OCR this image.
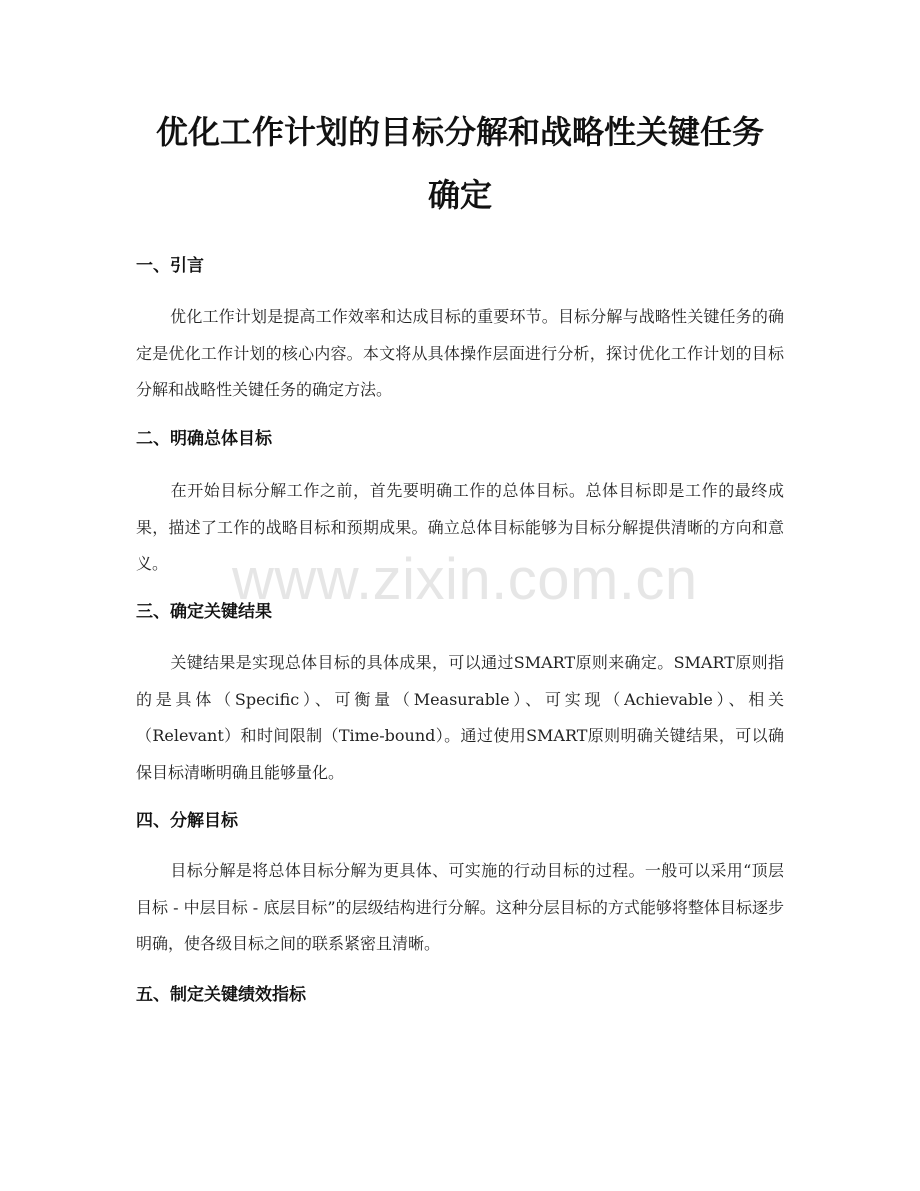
优化工作计划的目标分解和战略性关键任务
确定
一、引言

优化工作计划是提高工作效率和达成目标的重要环节。目标分解与战略性关键任务的确定是优化工作计划的核心内容。本文将从具体操作层面进行分析，探讨优化工作计划的目标分解和战略性关键任务的确定方法。

二、明确总体目标

在开始目标分解工作之前，首先要明确工作的总体目标。总体目标即是工作的最终成果，描述了工作的战略目标和预期成果。确立总体目标能够为目标分解提供清晰的方向和意义。

三、确定关键结果

关键结果是实现总体目标的具体成果，可以通过SMART原则来确定。SMART原则指的是具体（Specific）、可衡量（Measurable）、可实现（Achievable）、相关（Relevant）和时间限制（Time-bound）。通过使用SMART原则明确关键结果，可以确保目标清晰明确且能够量化。

四、分解目标

目标分解是将总体目标分解为更具体、可实施的行动目标的过程。一般可以采用“顶层目标 - 中层目标 - 底层目标”的层级结构进行分解。这种分层目标的方式能够将整体目标逐步明确，使各级目标之间的联系紧密且清晰。

五、制定关键绩效指标
www.zixin.com.cn
